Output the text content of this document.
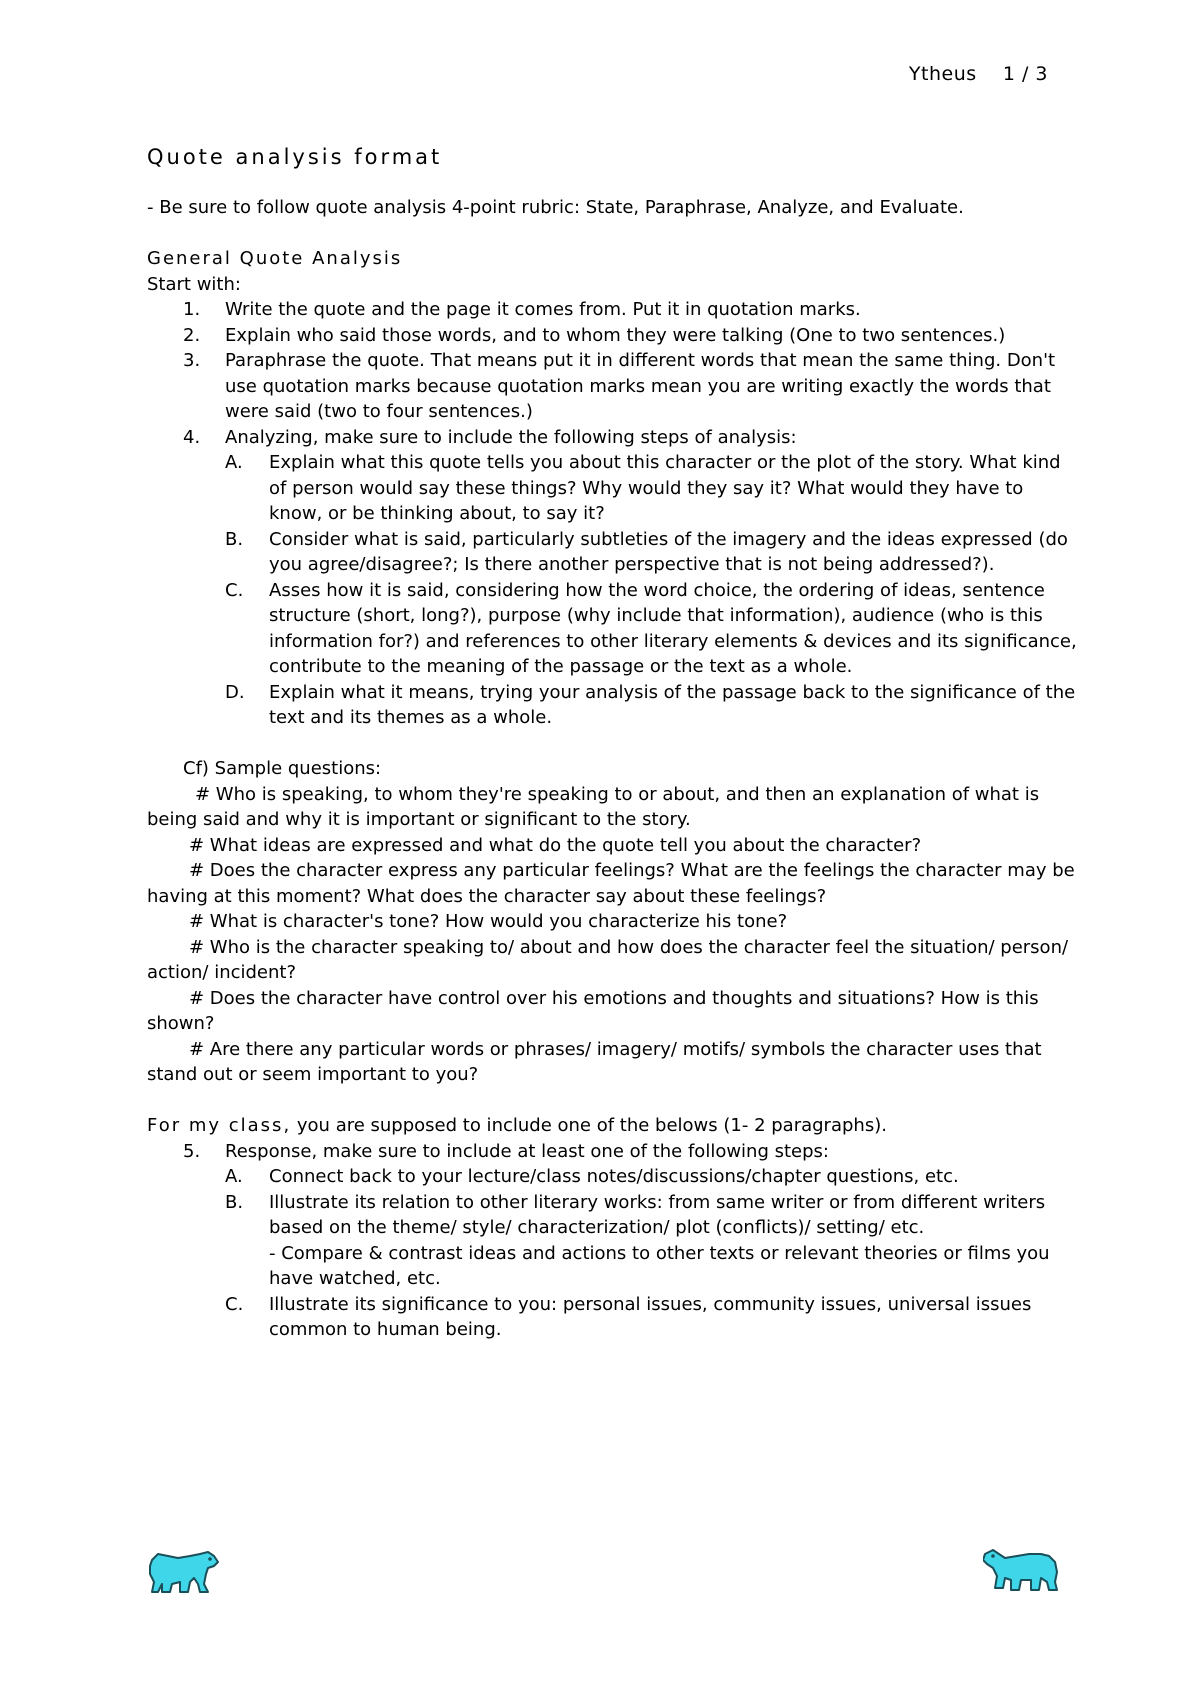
Ytheus 1 / 3
Quote analysis format

- Be sure to follow quote analysis 4-point rubric: State, Paraphrase, Analyze, and Evaluate.

General Quote Analysis

Start with:

1. Write the quote and the page it comes from. Put it in quotation marks.
2. Explain who said those words, and to whom they were talking (One to two sentences.)
3. Paraphrase the quote. That means put it in different words that mean the same thing. Don't use quotation marks because quotation marks mean you are writing exactly the words that were said (two to four sentences.)
4. Analyzing, make sure to include the following steps of analysis:
A. Explain what this quote tells you about this character or the plot of the story. What kind of person would say these things? Why would they say it? What would they have to know, or be thinking about, to say it?
B. Consider what is said, particularly subtleties of the imagery and the ideas expressed (do you agree/disagree?; Is there another perspective that is not being addressed?).
C. Asses how it is said, considering how the word choice, the ordering of ideas, sentence structure (short, long?), purpose (why include that information), audience (who is this information for?) and references to other literary elements & devices and its significance, contribute to the meaning of the passage or the text as a whole.
D. Explain what it means, trying your analysis of the passage back to the significance of the text and its themes as a whole.

Cf) Sample questions:

# Who is speaking, to whom they're speaking to or about, and then an explanation of what is being said and why it is important or significant to the story.

# What ideas are expressed and what do the quote tell you about the character?

# Does the character express any particular feelings? What are the feelings the character may be having at this moment? What does the character say about these feelings?

# What is character's tone? How would you characterize his tone?

# Who is the character speaking to/ about and how does the character feel the situation/ person/ action/ incident?

# Does the character have control over his emotions and thoughts and situations? How is this shown?

# Are there any particular words or phrases/ imagery/ motifs/ symbols the character uses that stand out or seem important to you?

For my class, you are supposed to include one of the belows (1- 2 paragraphs).

5. Response, make sure to include at least one of the following steps:
A. Connect back to your lecture/class notes/discussions/chapter questions, etc.
B. Illustrate its relation to other literary works: from same writer or from different writers based on the theme/ style/ characterization/ plot (conflicts)/ setting/ etc.
- Compare & contrast ideas and actions to other texts or relevant theories or films you have watched, etc.
C. Illustrate its significance to you: personal issues, community issues, universal issues common to human being.
